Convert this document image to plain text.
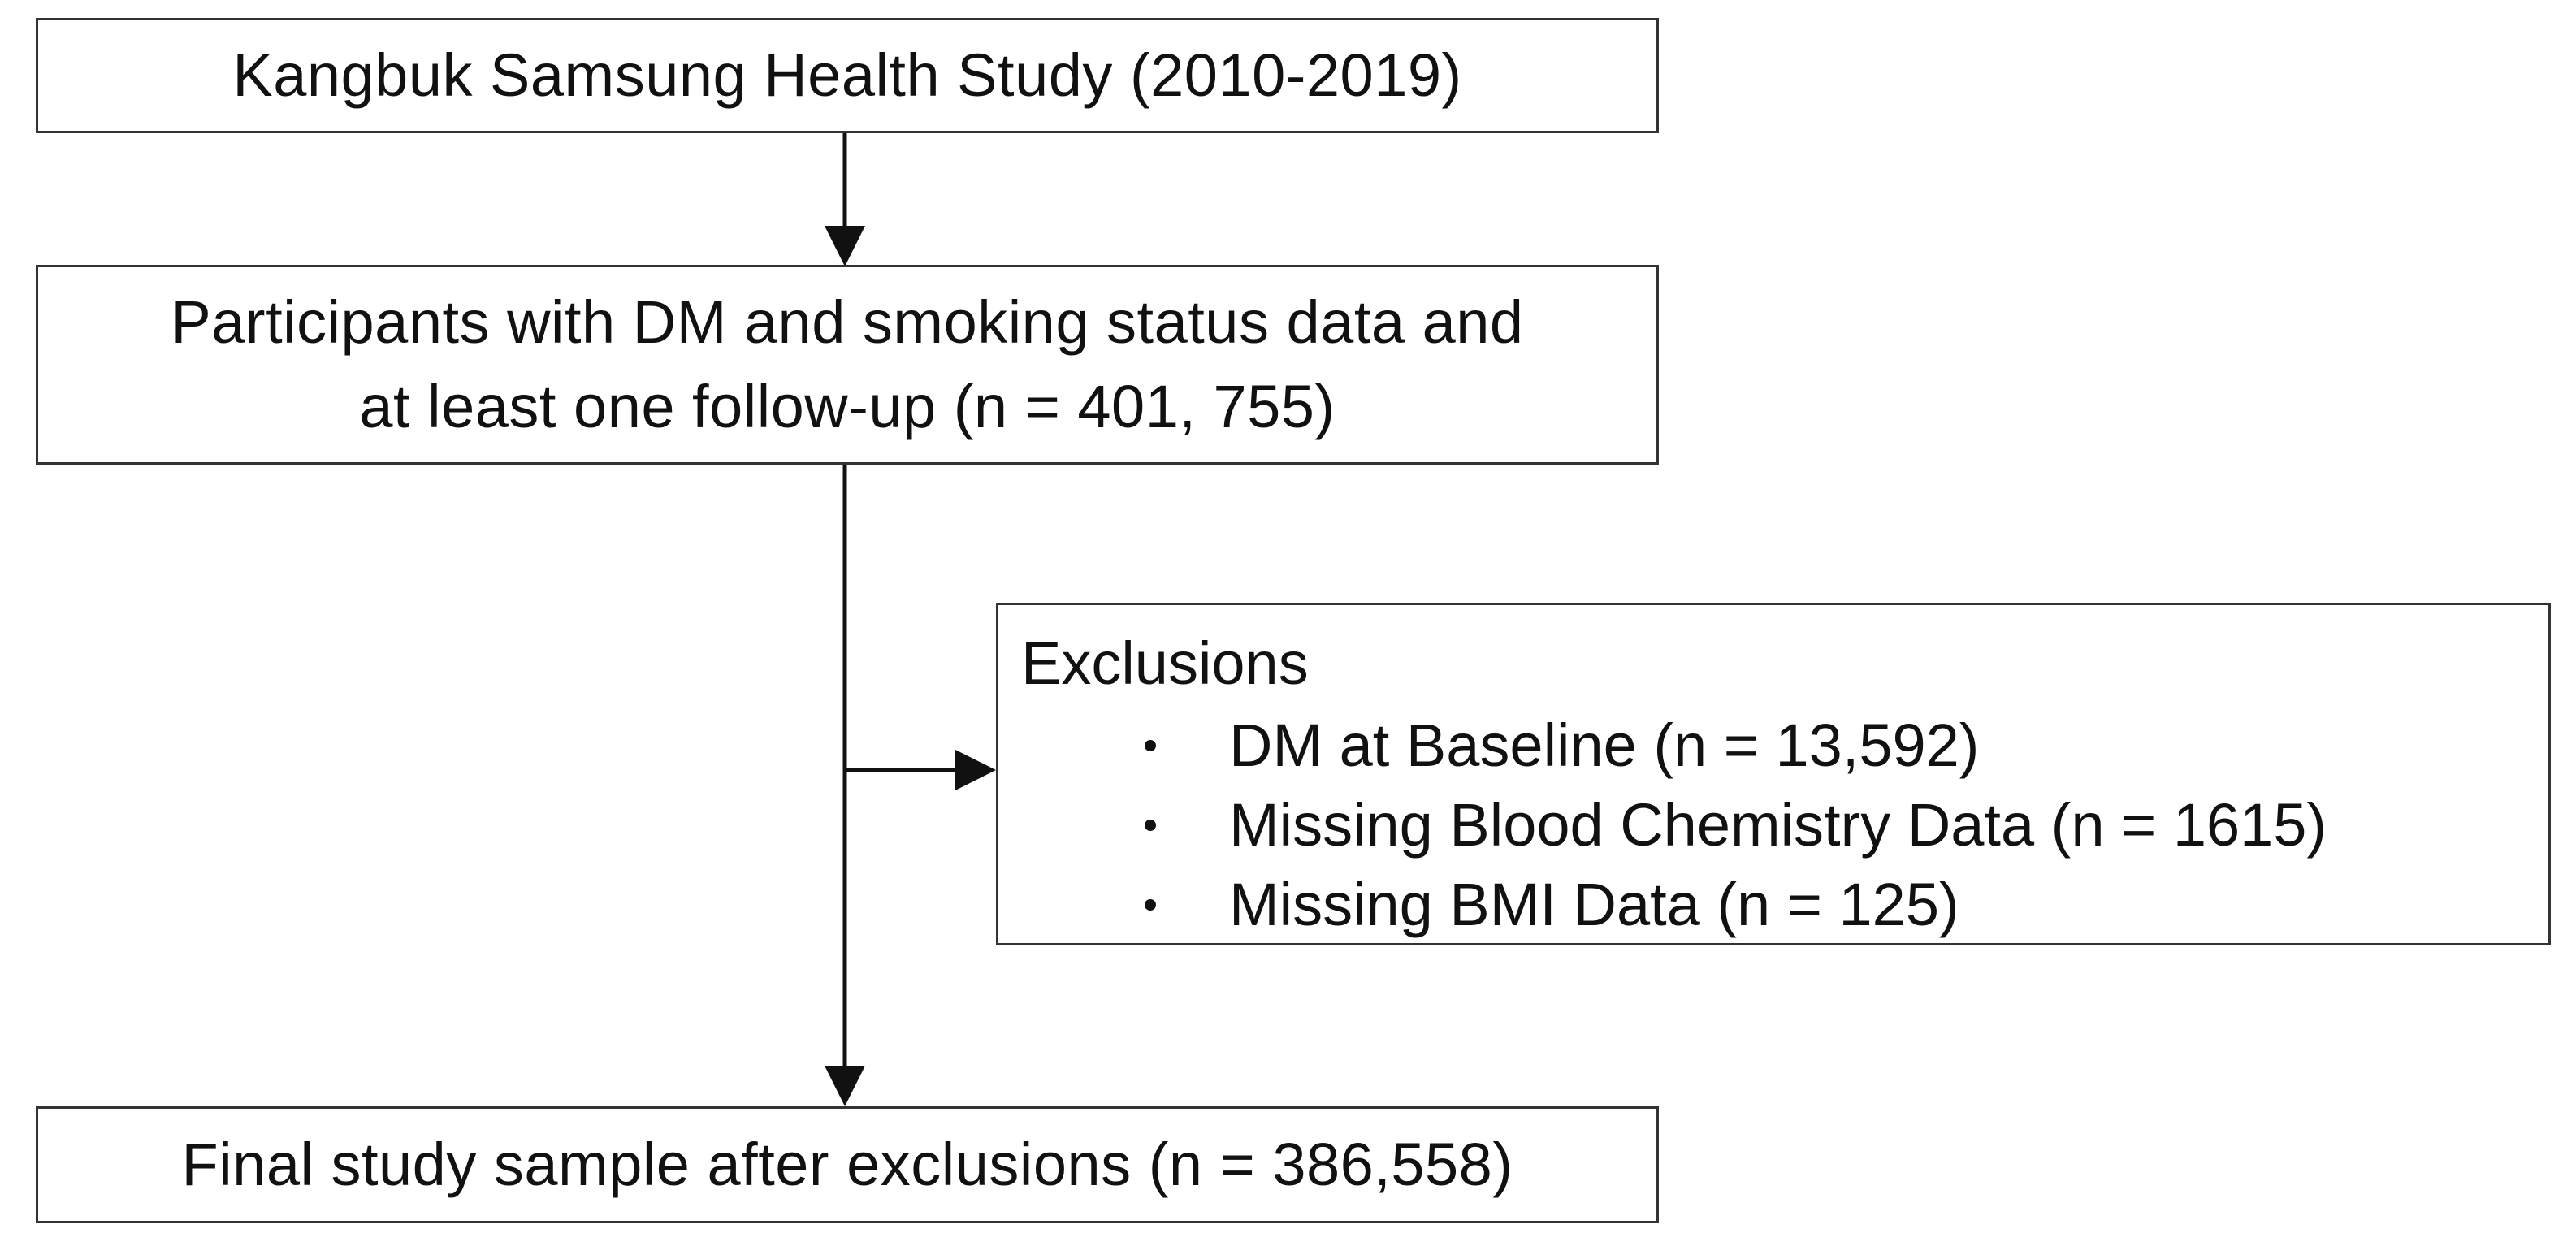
Kangbuk Samsung Health Study (2010-2019)
Participants with DM and smoking status data and
at least one follow-up (n = 401, 755)
Exclusions
DM at Baseline (n = 13,592)
Missing Blood Chemistry Data (n = 1615)
Missing BMI Data (n = 125)
Final study sample after exclusions (n = 386,558)
